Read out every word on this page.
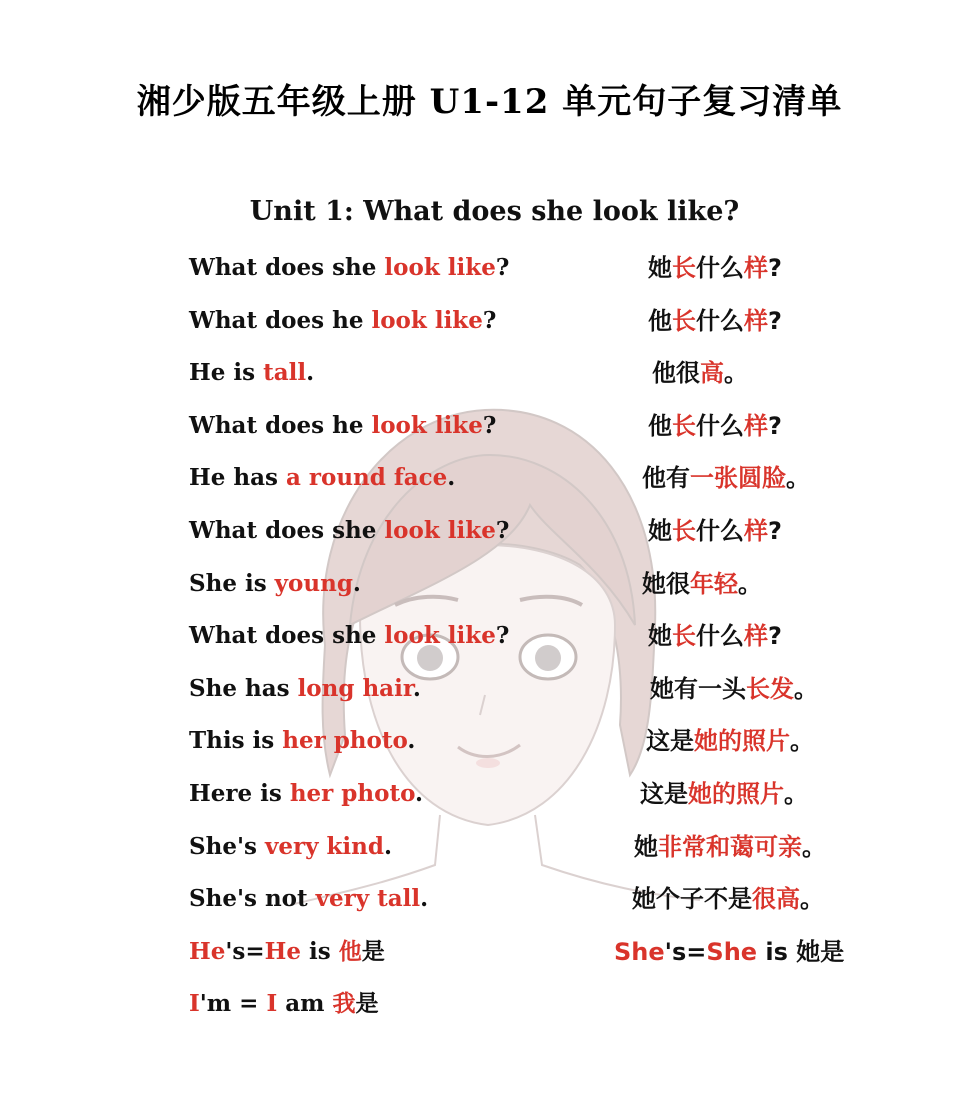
湘少版五年级上册 U1-12 单元句子复习清单
Unit 1: What does she look like?
What does she look like?	她长什么样?
What does he look like?	他长什么样?
He is tall.	他很高。
What does he look like?	他长什么样?
He has a round face.	他有一张圆脸。
What does she look like?	她长什么样?
She is young.	她很年轻。
What does she look like?	她长什么样?
She has long hair.	她有一头长发。
This is her photo.	这是她的照片。
Here is her photo.	这是她的照片。
She's very kind.	她非常和蔼可亲。
She's not very tall.	她个子不是很高。
He's=He is 他是	She's=She is 她是
I'm = I am 我是
